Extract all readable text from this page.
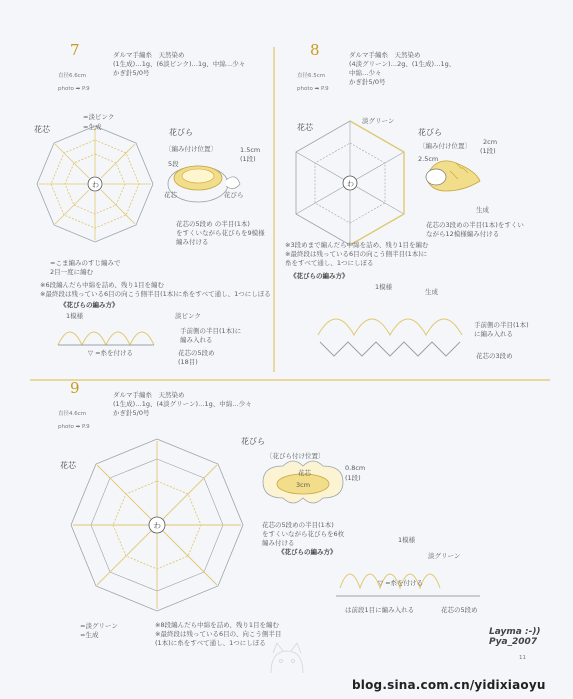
わ	わ
わ
7
直径6.6cm
photo ➡ P.9
ダルマ手編糸　天然染め
(1生成)…1g、(6淡ピンク)…1g、中綿…少々
かぎ針5/0号
=淡ピンク
=生成
花芯	花びら
〔編み付け位置〕	1.5cm
(1段)
5段
花芯	花びら
花芯の5段め の半目(1本)
をすくいながら花びらを9模様
編み付ける
=こま編みのすじ編みで
2目一度に編む
※6段編んだら中綿を詰め、残り1目を編む
※最終段は残っている6目の向こう側半目(1本)に糸をすべて通し、1つにしぼる
《花びらの編み方》
1模様	淡ピンク
手前側の半目(1本)に
編み入れる
▽ =糸を付ける	花芯の5段め
(18目)
8
直径6.5cm
photo ➡ P.9
ダルマ手編糸　天然染め
(4淡グリーン)…2g、(1生成)…1g、
中綿…少々
かぎ針5/0号
花芯
淡グリーン
花びら
〔編み付け位置〕 2cm
(1段)
2.5cm
生成
花芯の3段めの半目(1本)をすくい
ながら12模様編み付ける
※3段めまで編んだら中綿を詰め、残り1目を編む
※最終段は残っている6目の向こう側半目(1本)に
糸をすべて通し、1つにしぼる
《花びらの編み方》
1模様
生成
手前側の半目(1本)
に編み入れる
花芯の3段め
9
直径4.6cm
photo ➡ P.9
ダルマ手編糸　天然染め
(1生成)…1g、(4淡グリーン)…1g、中綿…少々
かぎ針5/0号
花芯
花びら
〔花びら付け位置〕
花芯
3cm
0.8cm
(1段)
花芯の5段めの半目(1本)
をすくいながら花びらを6枚
編み付ける
=淡グリーン
=生成
※8段編んだら中綿を詰め、残り1目を編む
※最終段は残っている6目の、向こう側半目
(1本)に糸をすべて通し、1つにしぼる
《花びらの編み方》
1模様
淡グリーン
▽ =糸を付ける
は前段1目に編み入れる	花芯の5段め
Layma :-))
Pya_2007
11
blog.sina.com.cn/yidixiaoyu
